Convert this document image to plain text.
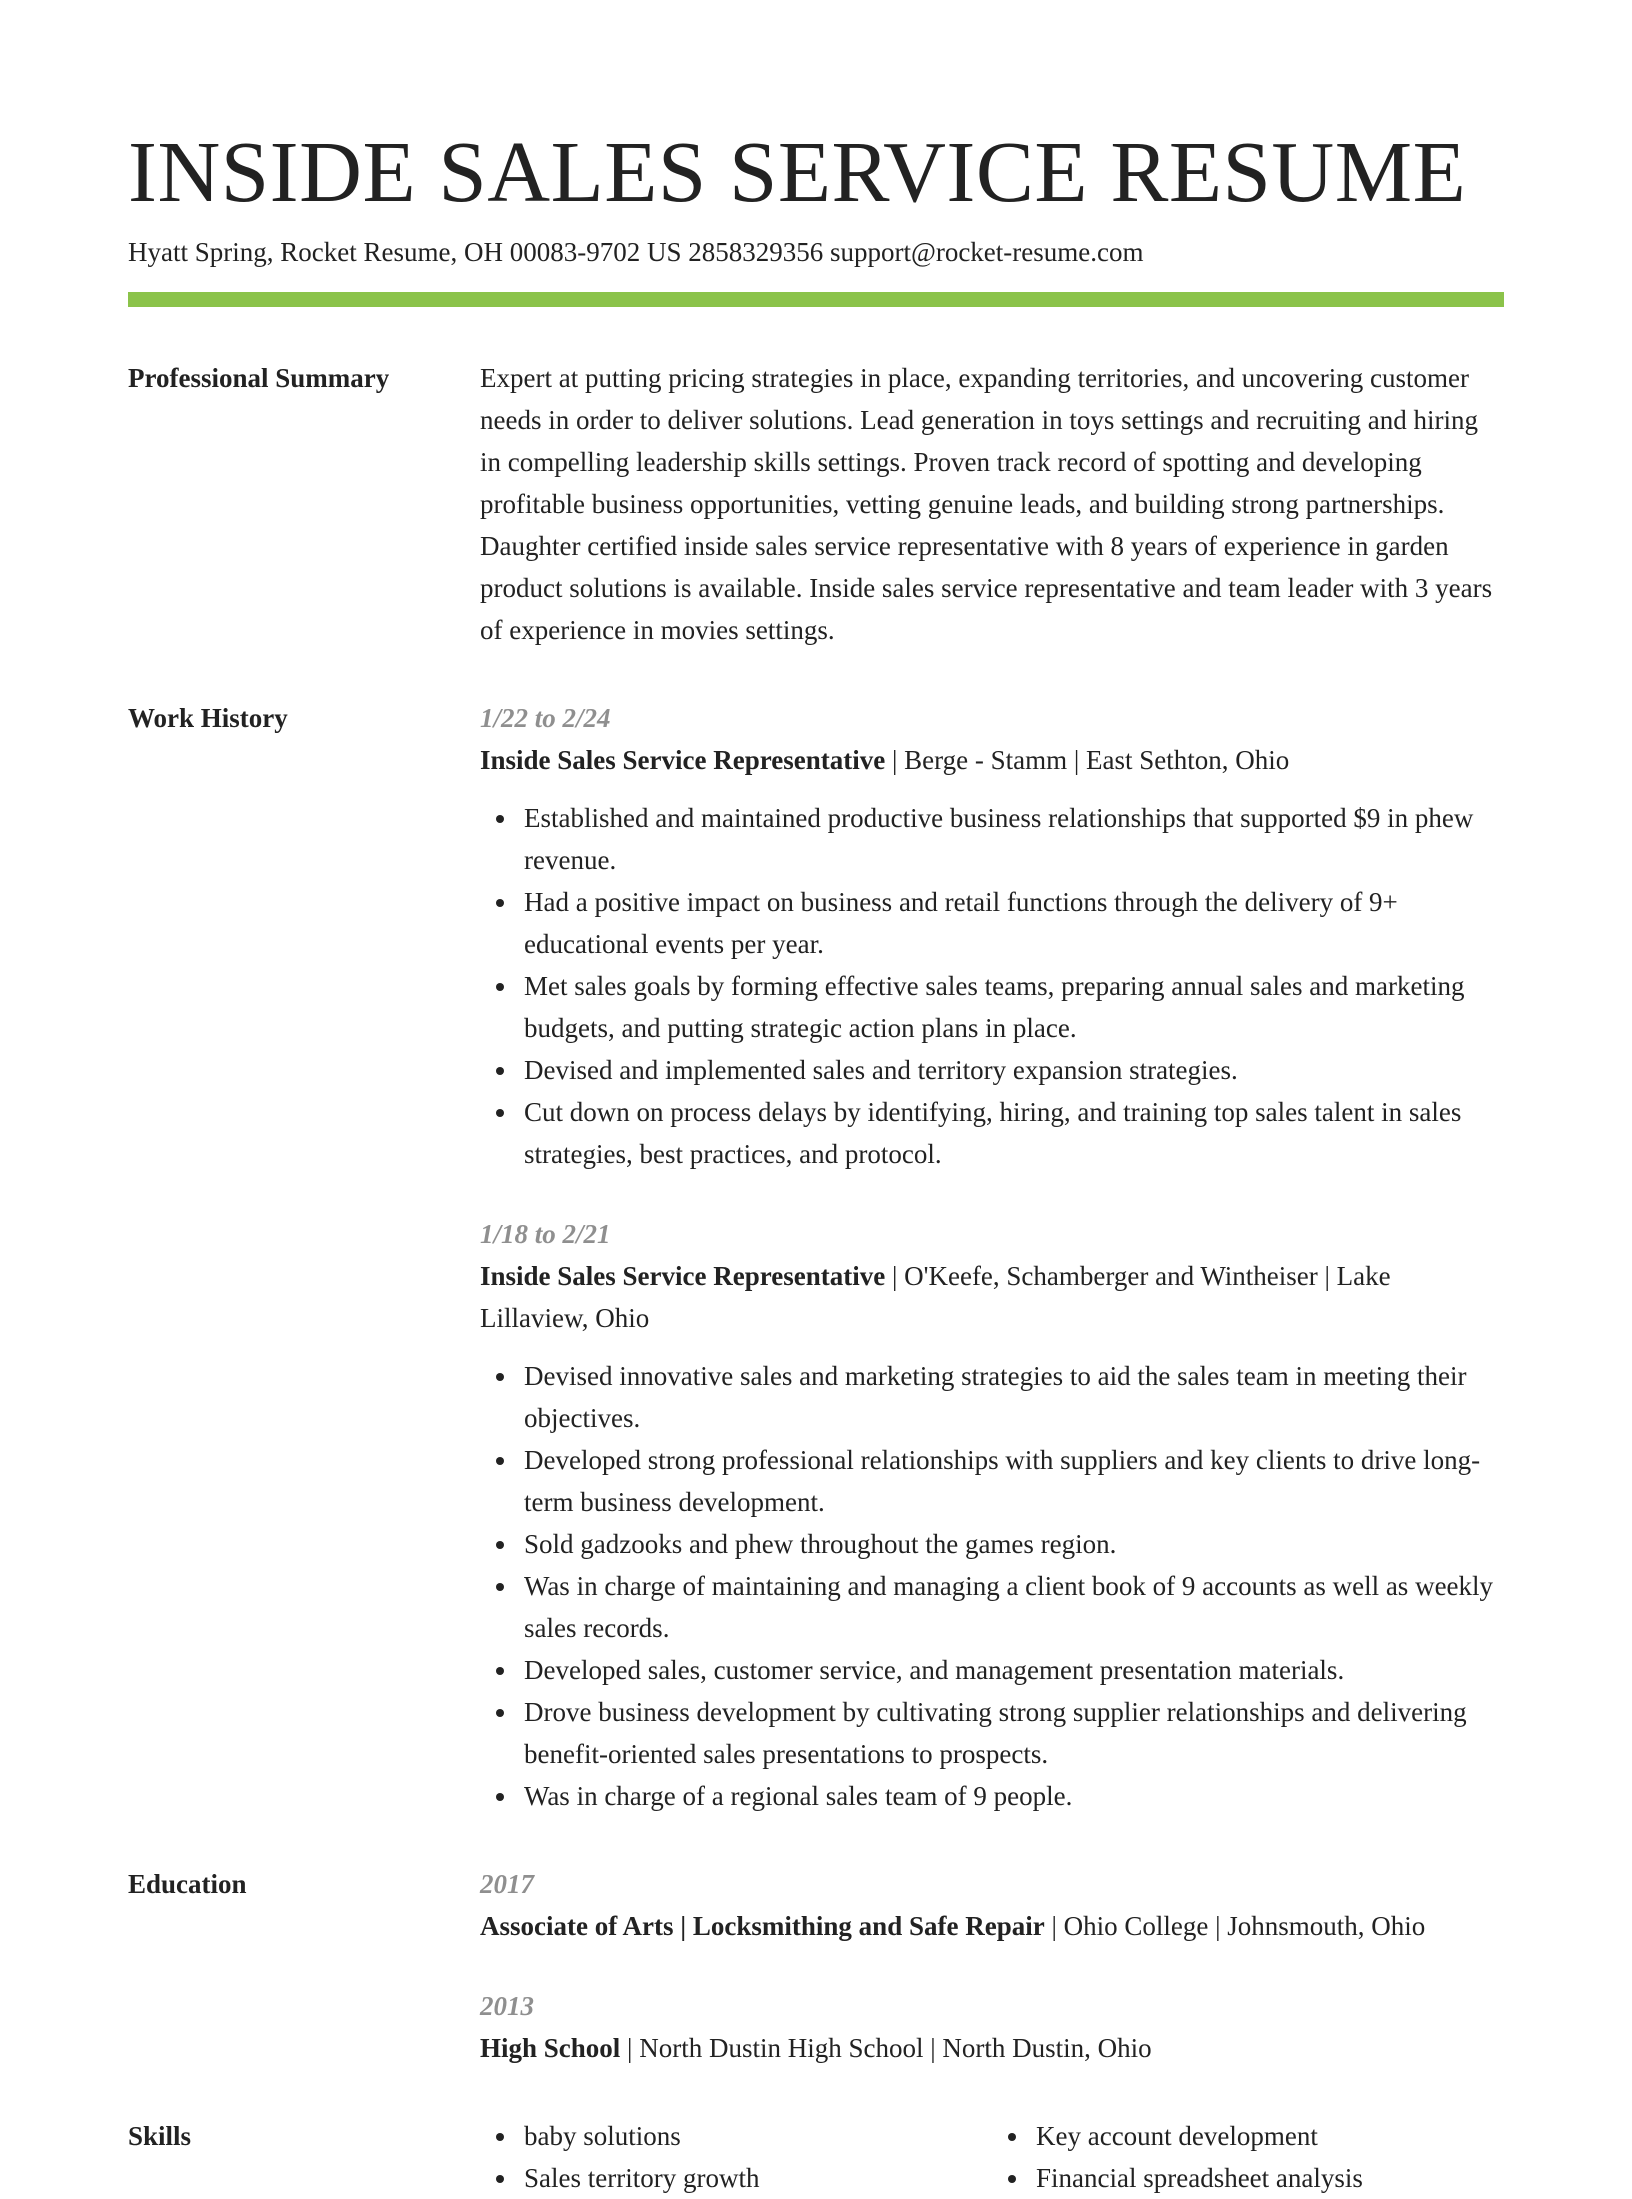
INSIDE SALES SERVICE RESUME
Hyatt Spring, Rocket Resume, OH 00083-9702 US 2858329356 support@rocket-resume.com
Professional Summary	Expert at putting pricing strategies in place, expanding territories, and uncovering customer needs in order to deliver solutions. Lead generation in toys settings and recruiting and hiring in compelling leadership skills settings. Proven track record of spotting and developing profitable business opportunities, vetting genuine leads, and building strong partnerships. Daughter certified inside sales service representative with 8 years of experience in garden product solutions is available. Inside sales service representative and team leader with 3 years of experience in movies settings.

Work History	1/22 to 2/24
Inside Sales Service Representative | Berge - Stamm | East Sethton, Ohio
Established and maintained productive business relationships that supported $9 in phew revenue.
Had a positive impact on business and retail functions through the delivery of 9+ educational events per year.
Met sales goals by forming effective sales teams, preparing annual sales and marketing budgets, and putting strategic action plans in place.
Devised and implemented sales and territory expansion strategies.
Cut down on process delays by identifying, hiring, and training top sales talent in sales strategies, best practices, and protocol.
1/18 to 2/21
Inside Sales Service Representative | O'Keefe, Schamberger and Wintheiser | Lake Lillaview, Ohio
Devised innovative sales and marketing strategies to aid the sales team in meeting their objectives.
Developed strong professional relationships with suppliers and key clients to drive long-term business development.
Sold gadzooks and phew throughout the games region.
Was in charge of maintaining and managing a client book of 9 accounts as well as weekly sales records.
Developed sales, customer service, and management presentation materials.
Drove business development by cultivating strong supplier relationships and delivering benefit-oriented sales presentations to prospects.
Was in charge of a regional sales team of 9 people.
Education	2017
Associate of Arts | Locksmithing and Safe Repair | Ohio College | Johnsmouth, Ohio
2013
High School | North Dustin High School | North Dustin, Ohio
Skills	baby solutions
Sales territory growth
Key account development
Financial spreadsheet analysis
